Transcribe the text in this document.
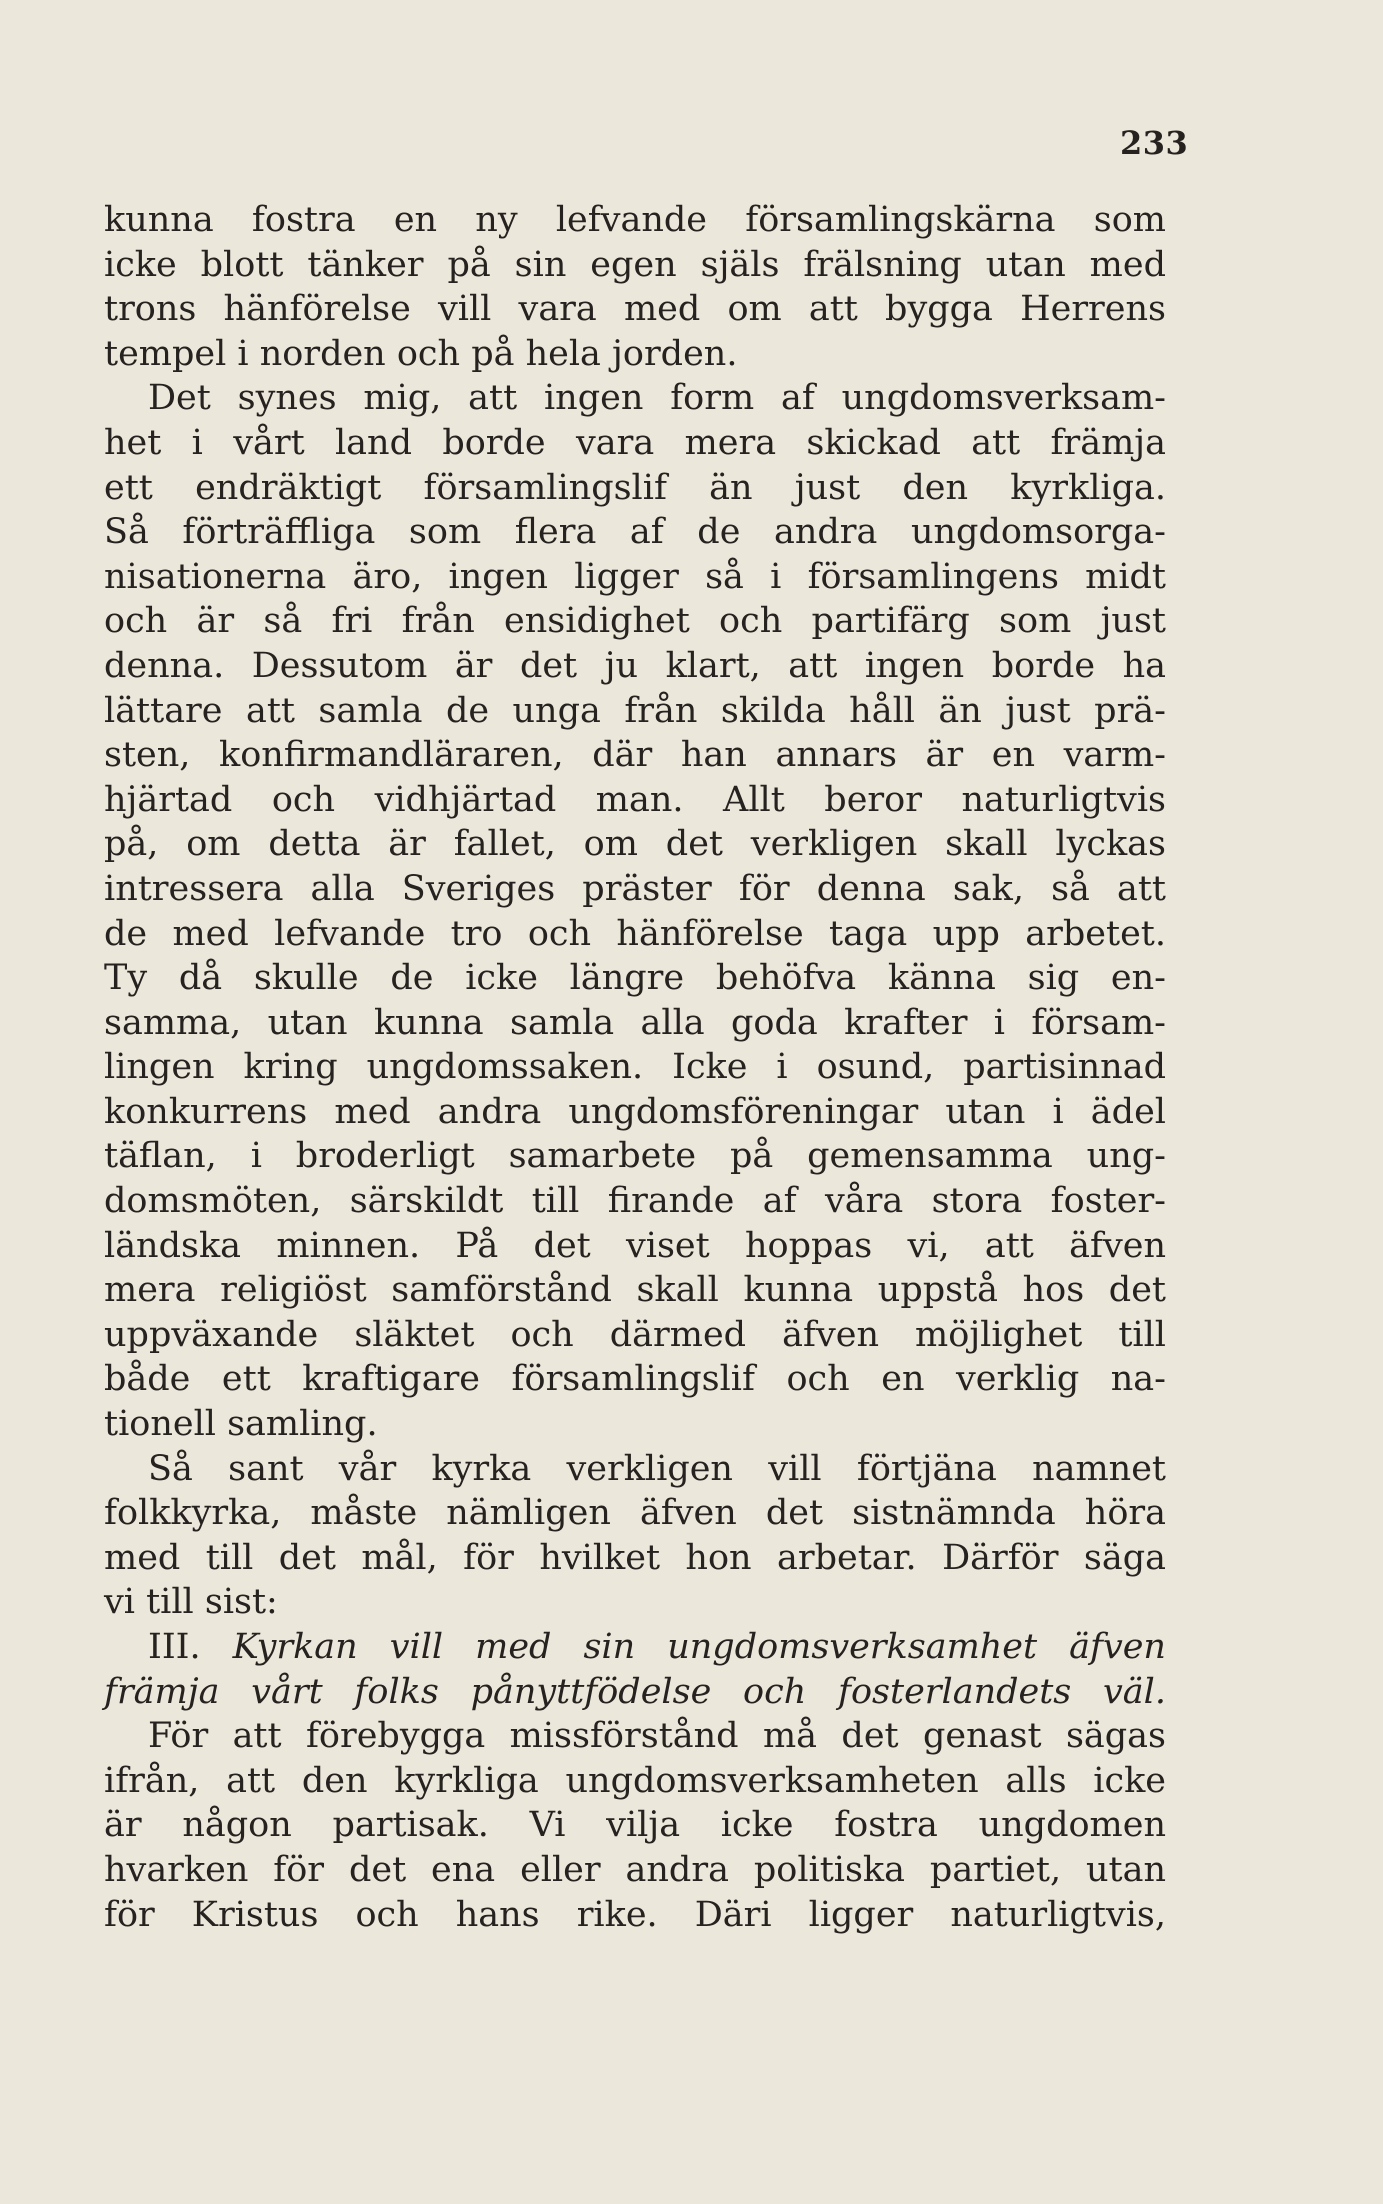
233
kunna fostra en ny lefvande församlingskärna som
icke blott tänker på sin egen själs frälsning utan med
trons hänförelse vill vara med om att bygga Herrens
tempel i norden och på hela jorden.
Det synes mig, att ingen form af ungdomsverksam-
het i vårt land borde vara mera skickad att främja
ett endräktigt församlingslif än just den kyrkliga.
Så förträffliga som flera af de andra ungdomsorga-
nisationerna äro, ingen ligger så i församlingens midt
och är så fri från ensidighet och partifärg som just
denna. Dessutom är det ju klart, att ingen borde ha
lättare att samla de unga från skilda håll än just prä-
sten, konfirmandläraren, där han annars är en varm-
hjärtad och vidhjärtad man. Allt beror naturligtvis
på, om detta är fallet, om det verkligen skall lyckas
intressera alla Sveriges präster för denna sak, så att
de med lefvande tro och hänförelse taga upp arbetet.
Ty då skulle de icke längre behöfva känna sig en-
samma, utan kunna samla alla goda krafter i försam-
lingen kring ungdomssaken. Icke i osund, partisinnad
konkurrens med andra ungdomsföreningar utan i ädel
täflan, i broderligt samarbete på gemensamma ung-
domsmöten, särskildt till firande af våra stora foster-
ländska minnen. På det viset hoppas vi, att äfven
mera religiöst samförstånd skall kunna uppstå hos det
uppväxande släktet och därmed äfven möjlighet till
både ett kraftigare församlingslif och en verklig na-
tionell samling.
Så sant vår kyrka verkligen vill förtjäna namnet
folkkyrka, måste nämligen äfven det sistnämnda höra
med till det mål, för hvilket hon arbetar. Därför säga
vi till sist:
III. Kyrkan vill med sin ungdomsverksamhet äfven
främja vårt folks pånyttfödelse och fosterlandets väl.
För att förebygga missförstånd må det genast sägas
ifrån, att den kyrkliga ungdomsverksamheten alls icke
är någon partisak. Vi vilja icke fostra ungdomen
hvarken för det ena eller andra politiska partiet, utan
för Kristus och hans rike. Däri ligger naturligtvis,
